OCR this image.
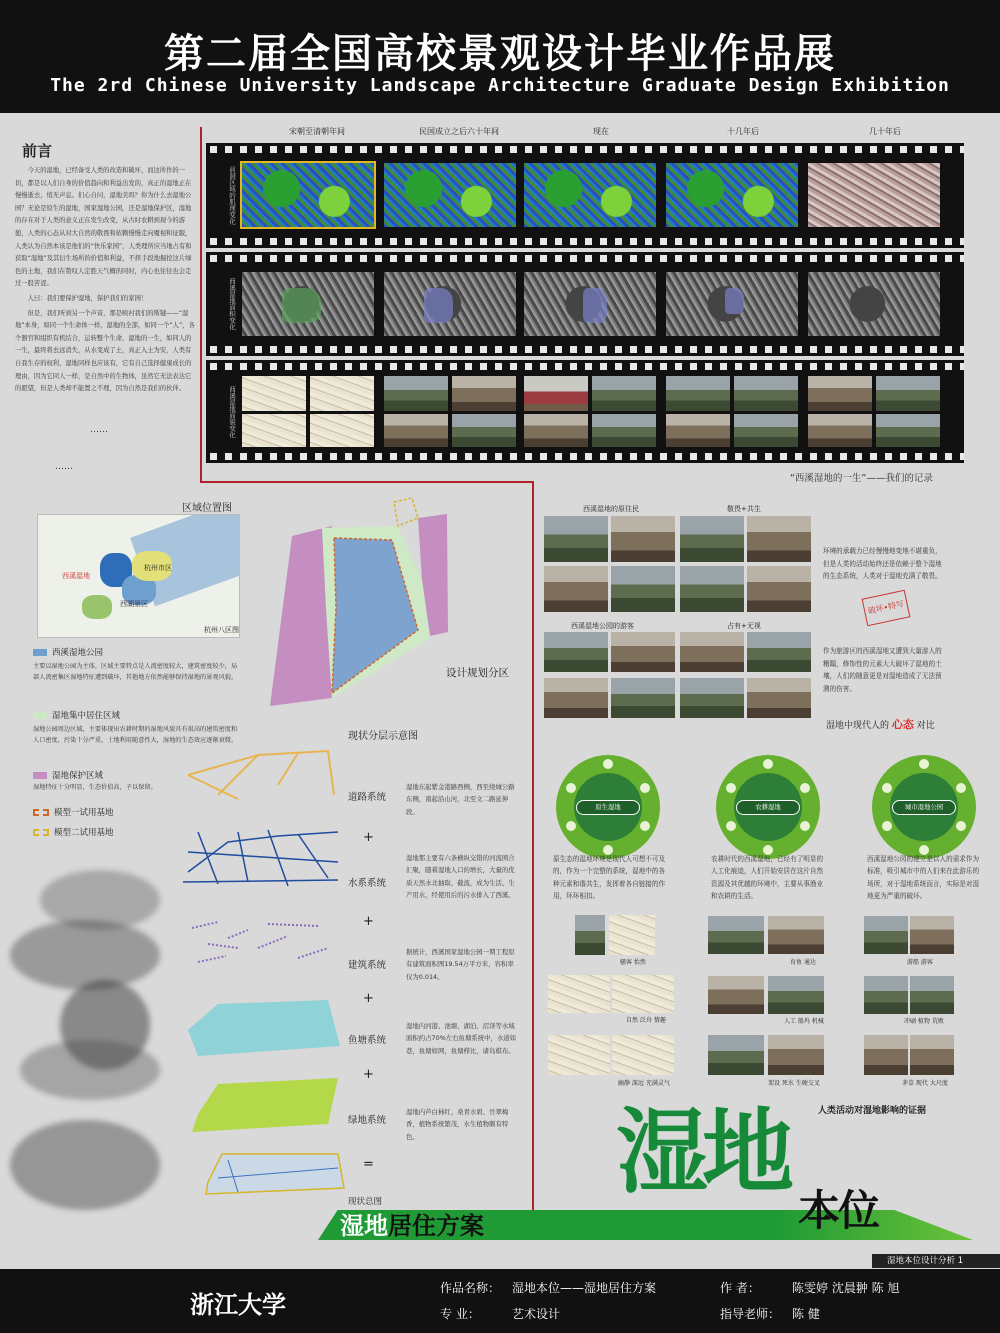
第二届全国高校景观设计毕业作品展
The 2rd Chinese University Landscape Architecture Graduate Design Exhibition
前言

今天的湿地，已经备受人类的改造和破坏，而这所作的一切，都是以人们自身的价值趋向和利益出发的，真正的湿地正在慢慢逝去，悄无声息。们心自问，湿地美吗？你为什么去湿地公园？无论是原生的湿地，国家湿地公园，还是湿地保护区，湿地的存在对于人类的意义正在发生改变，从古时农耕到现今的游憩，人类的心态从对大自然的敬畏和依赖慢慢走向魇视和征服，人类认为自然本该是他们的“快乐家园”，人类理所应当地占有和获取“湿地”及其衍生场所的价值和利益，不择手段地掘挖这片绿色的土地，我们在赞叹人定胜天气概的同时，内心也往往也会走过一股苦涩。

人曰：我们要保护湿地，保护我们的家园！

但是，我们听到另一个声音，那是映衬我们的斯键——“湿地”本身，如同一个生命体一样，湿地的全部，如同一个“人”，各个器官和组织有机结合，运转整个生命，湿地的一生，如同人的一生，最终将去远消失，从水变成了土，真正入土为安，人类有自我生存的权利，湿地同样也应该有，它有自己选择健康成长的理由，因为它同人一样，是自然中的生物体，虽然它无法表达它的愿望，但是人类却不能置之不理，因为自然是我们的伙伴。

……
……
宋朝至清朝年间	民国成立之后六十年间	现在	十几年后	几十年后
前洞区域的肌理变化
西溪湿地面积变化
西溪湿地面貌变化
“西溪湿地的一生”——我们的记录
区域位置图
西溪湿地
杭州市区
西湖景区
杭州八区图
西溪湿地公园
主要以湿地公园为主体，区域主要特点是人流密度较大，建筑密度较少，局部人流密集区湿地特征遭到破坏，其他地方依然能够保持湿地的景观风貌。
湿地集中居住区域
湿地公园周边区域，主要体现出农耕时期的湿地风貌具有很高的建筑密度和人口密度，污染十分严重，土地利用随意性大，湿地的生态效应逐渐衰微。
湿地保护区域
湿地特征十分明显，生态价值高，予以保留。
模型一试用基地
模型二试用基地
设计规划分区
现状分层示意图
道路系统
湿地东起紫金港路西侧，西至绕城公路东侧，南起沿山河，北至文二路延伸段。
+
水系系统
湿地那主要有六条横纵交错的河流围合汇聚，随着湿地人口的增长，大量的优质天然水北抽取、截流，成为生活、生产用水，经使用后的污水排入了西溪。
+
建筑系统
据统计，西溪国家湿地公园一期工程原有建筑面积图19.54万平方米，容积率仅为0.014。
+
鱼塘系统
湿地内河港、池塘、湖泊、沼泽等水域面积约占70%左右鱼塘系统中，水道如巷，鱼塘如网，鱼塘栉比，诸岛棋布。
+
绿地系统
湿地内芦白柿红、桑青水碧、竹翠梅香，植物系统繁茂，水生植物颇有特色。
=
现状总图
西溪湿地的原住民	敬畏+共生
环境的承载力已经慢慢地变地不堪重负，但是人类的活动始终还是依赖于整个湿地的生态系统，人类对于湿地充满了敬畏。
破坏•特写
西溪湿地公园的游客	占有+无视
作为旅游区的西溪湿地又遭到大量游人的糟蹋，修饰性的元素大大破坏了湿地的土壤，人们的随意更是对湿地造成了无法预测的伤害。
湿地中现代人的 心态 对比
原生湿地	农耕湿地	城市湿地公园
原生态的湿地环境是现代人可想不可及的，作为一个完整的系统，湿地中的各种元素和谐共生，发挥着各自链接的作用，环环相扣。
农耕时代的西溪湿地，已经有了明显的人工化痕迹，人们开始安居在这片自然资源及其优越的环境中，主要从事渔业和农耕的生活。
西溪湿地公园的建立是以人的需求作为标准，吸引城市中的人们来在此游乐的场所，对于湿地系统而言，实际是对湿地更为严重的破坏。
骚客 怡然
自然 泛舟 情趣
幽静 深远 充满灵气
育鱼 通达
人工 船坞 机械
架设 死水 生硬交叉
游船 游客
冲刷 植物 荒败
茅草 现代 大尺度
人类活动对湿地影响的证据
湿地居住方案
湿地
本位
湿地本位设计分析 1
浙江大学
作品名称： 湿地本位——湿地居住方案
专 业：	艺术设计
作 者：	陈雯婷 沈晨翀 陈 旭
指导老师： 陈 健
